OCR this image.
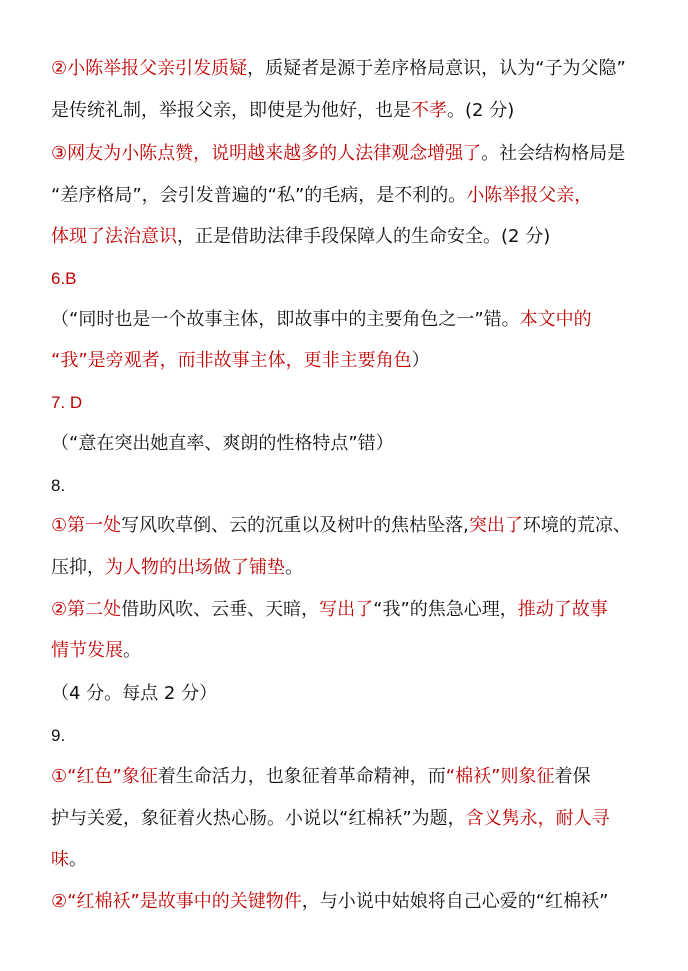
②小陈举报父亲引发质疑，质疑者是源于差序格局意识，认为“子为父隐”
是传统礼制，举报父亲，即使是为他好，也是不孝。(2 分)
③网友为小陈点赞，说明越来越多的人法律观念增强了。社会结构格局是
“差序格局”，会引发普遍的“私”的毛病，是不利的。小陈举报父亲，
体现了法治意识，正是借助法律手段保障人的生命安全。(2 分)
6.B
（“同时也是一个故事主体，即故事中的主要角色之一”错。本文中的
“我”是旁观者，而非故事主体，更非主要角色）
7. D
（“意在突出她直率、爽朗的性格特点”错）
8.
①第一处写风吹草倒、云的沉重以及树叶的焦枯坠落,突出了环境的荒凉、
压抑，为人物的出场做了铺垫。
②第二处借助风吹、云垂、天暗，写出了“我”的焦急心理，推动了故事
情节发展。
（4 分。每点 2 分）
9.
①“红色”象征着生命活力，也象征着革命精神，而“棉袄”则象征着保
护与关爱，象征着火热心肠。小说以“红棉袄”为题，含义隽永，耐人寻
味。
②“红棉袄”是故事中的关键物件，与小说中姑娘将自己心爱的“红棉袄”
